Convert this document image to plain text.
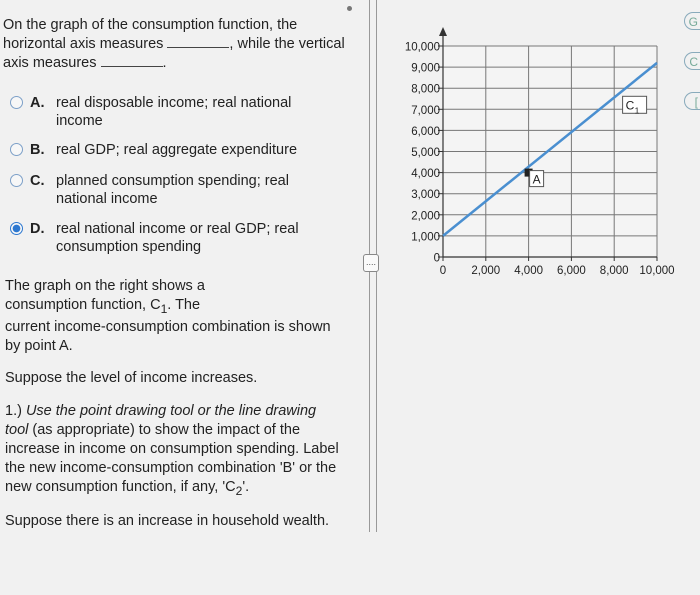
On the graph of the consumption function, the horizontal axis measures	, while the vertical axis measures	.
A. real disposable income; real national income
B. real GDP; real aggregate expenditure
C. planned consumption spending; real national income
D. real national income or real GDP; real consumption spending
The graph on the right shows a consumption function, $C_1$. The
current income-consumption combination is shown by point A.
Suppose the level of income increases.
1.) Use the point drawing tool or the line drawing tool (as appropriate) to show the impact of the increase in income on consumption spending. Label the new income-consumption combination 'B' or the new consumption function, if any, '$C_2$'.
Suppose there is an increase in household wealth.
....	0
1,000
2,000
3,000
4,000
5,000
6,000
7,000
8,000
9,000
10,000
0 2,000 4,000 6,000 8,000 10,000
C 1
A
G
C
[
